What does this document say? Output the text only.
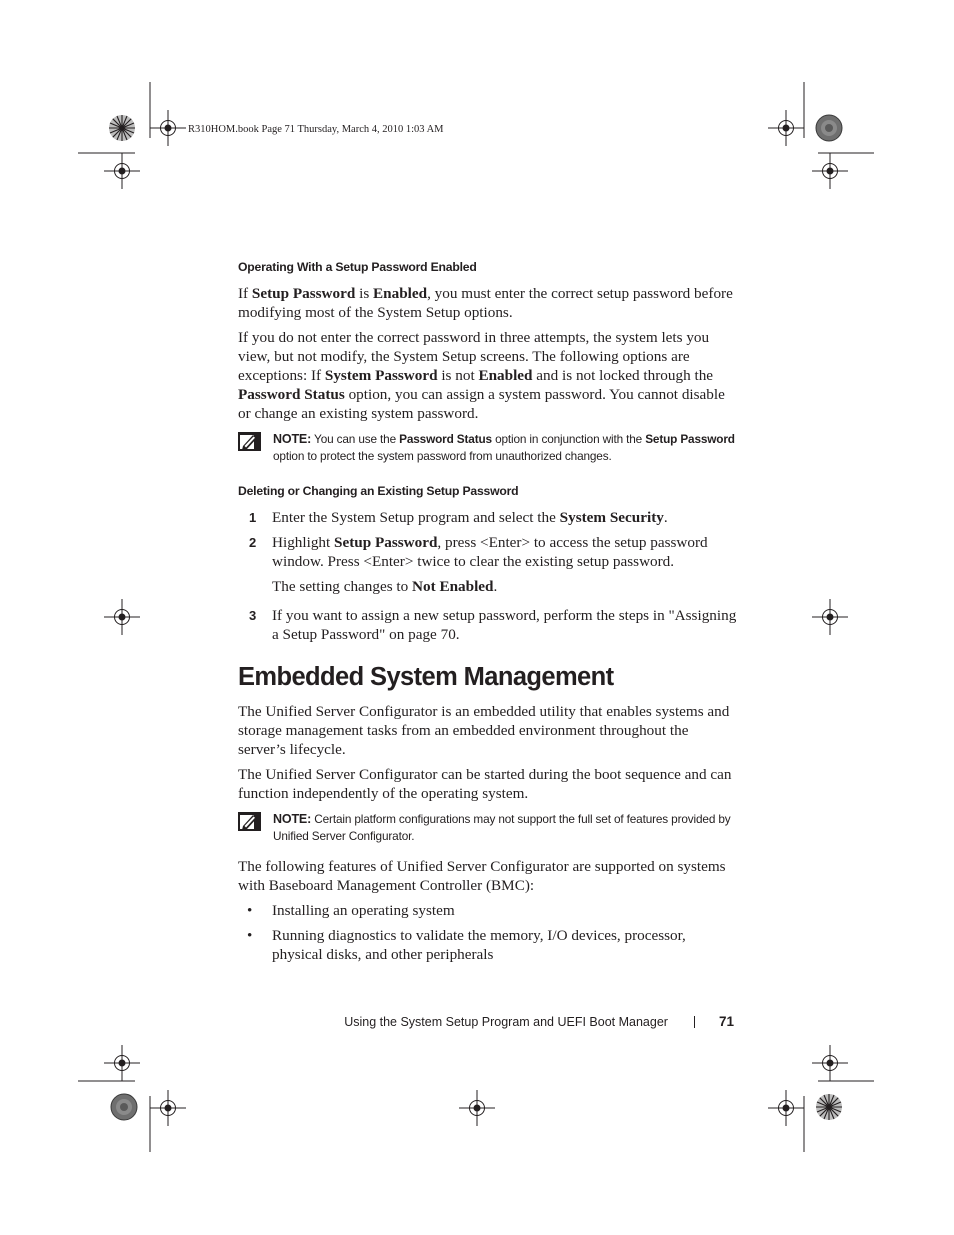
R310HOM.book Page 71 Thursday, March 4, 2010 1:03 AM
Operating With a Setup Password Enabled

If Setup Password is Enabled, you must enter the correct setup password before modifying most of the System Setup options.

If you do not enter the correct password in three attempts, the system lets you view, but not modify, the System Setup screens. The following options are exceptions: If System Password is not Enabled and is not locked through the Password Status option, you can assign a system password. You cannot disable or change an existing system password.

NOTE: You can use the Password Status option in conjunction with the Setup Password option to protect the system password from unauthorized changes.
Deleting or Changing an Existing Setup Password
1 Enter the System Setup program and select the System Security.
2 Highlight Setup Password, press <Enter> to access the setup password window. Press <Enter> twice to clear the existing setup password.
The setting changes to Not Enabled.
3 If you want to assign a new setup password, perform the steps in "Assigning a Setup Password" on page 70.
Embedded System Management

The Unified Server Configurator is an embedded utility that enables systems and storage management tasks from an embedded environment throughout the server’s lifecycle.

The Unified Server Configurator can be started during the boot sequence and can function independently of the operating system.

NOTE: Certain platform configurations may not support the full set of features provided by Unified Server Configurator.

The following features of Unified Server Configurator are supported on systems with Baseboard Management Controller (BMC):

• Installing an operating system
• Running diagnostics to validate the memory, I/O devices, processor, physical disks, and other peripherals
Using the System Setup Program and UEFI Boot Manager	71
